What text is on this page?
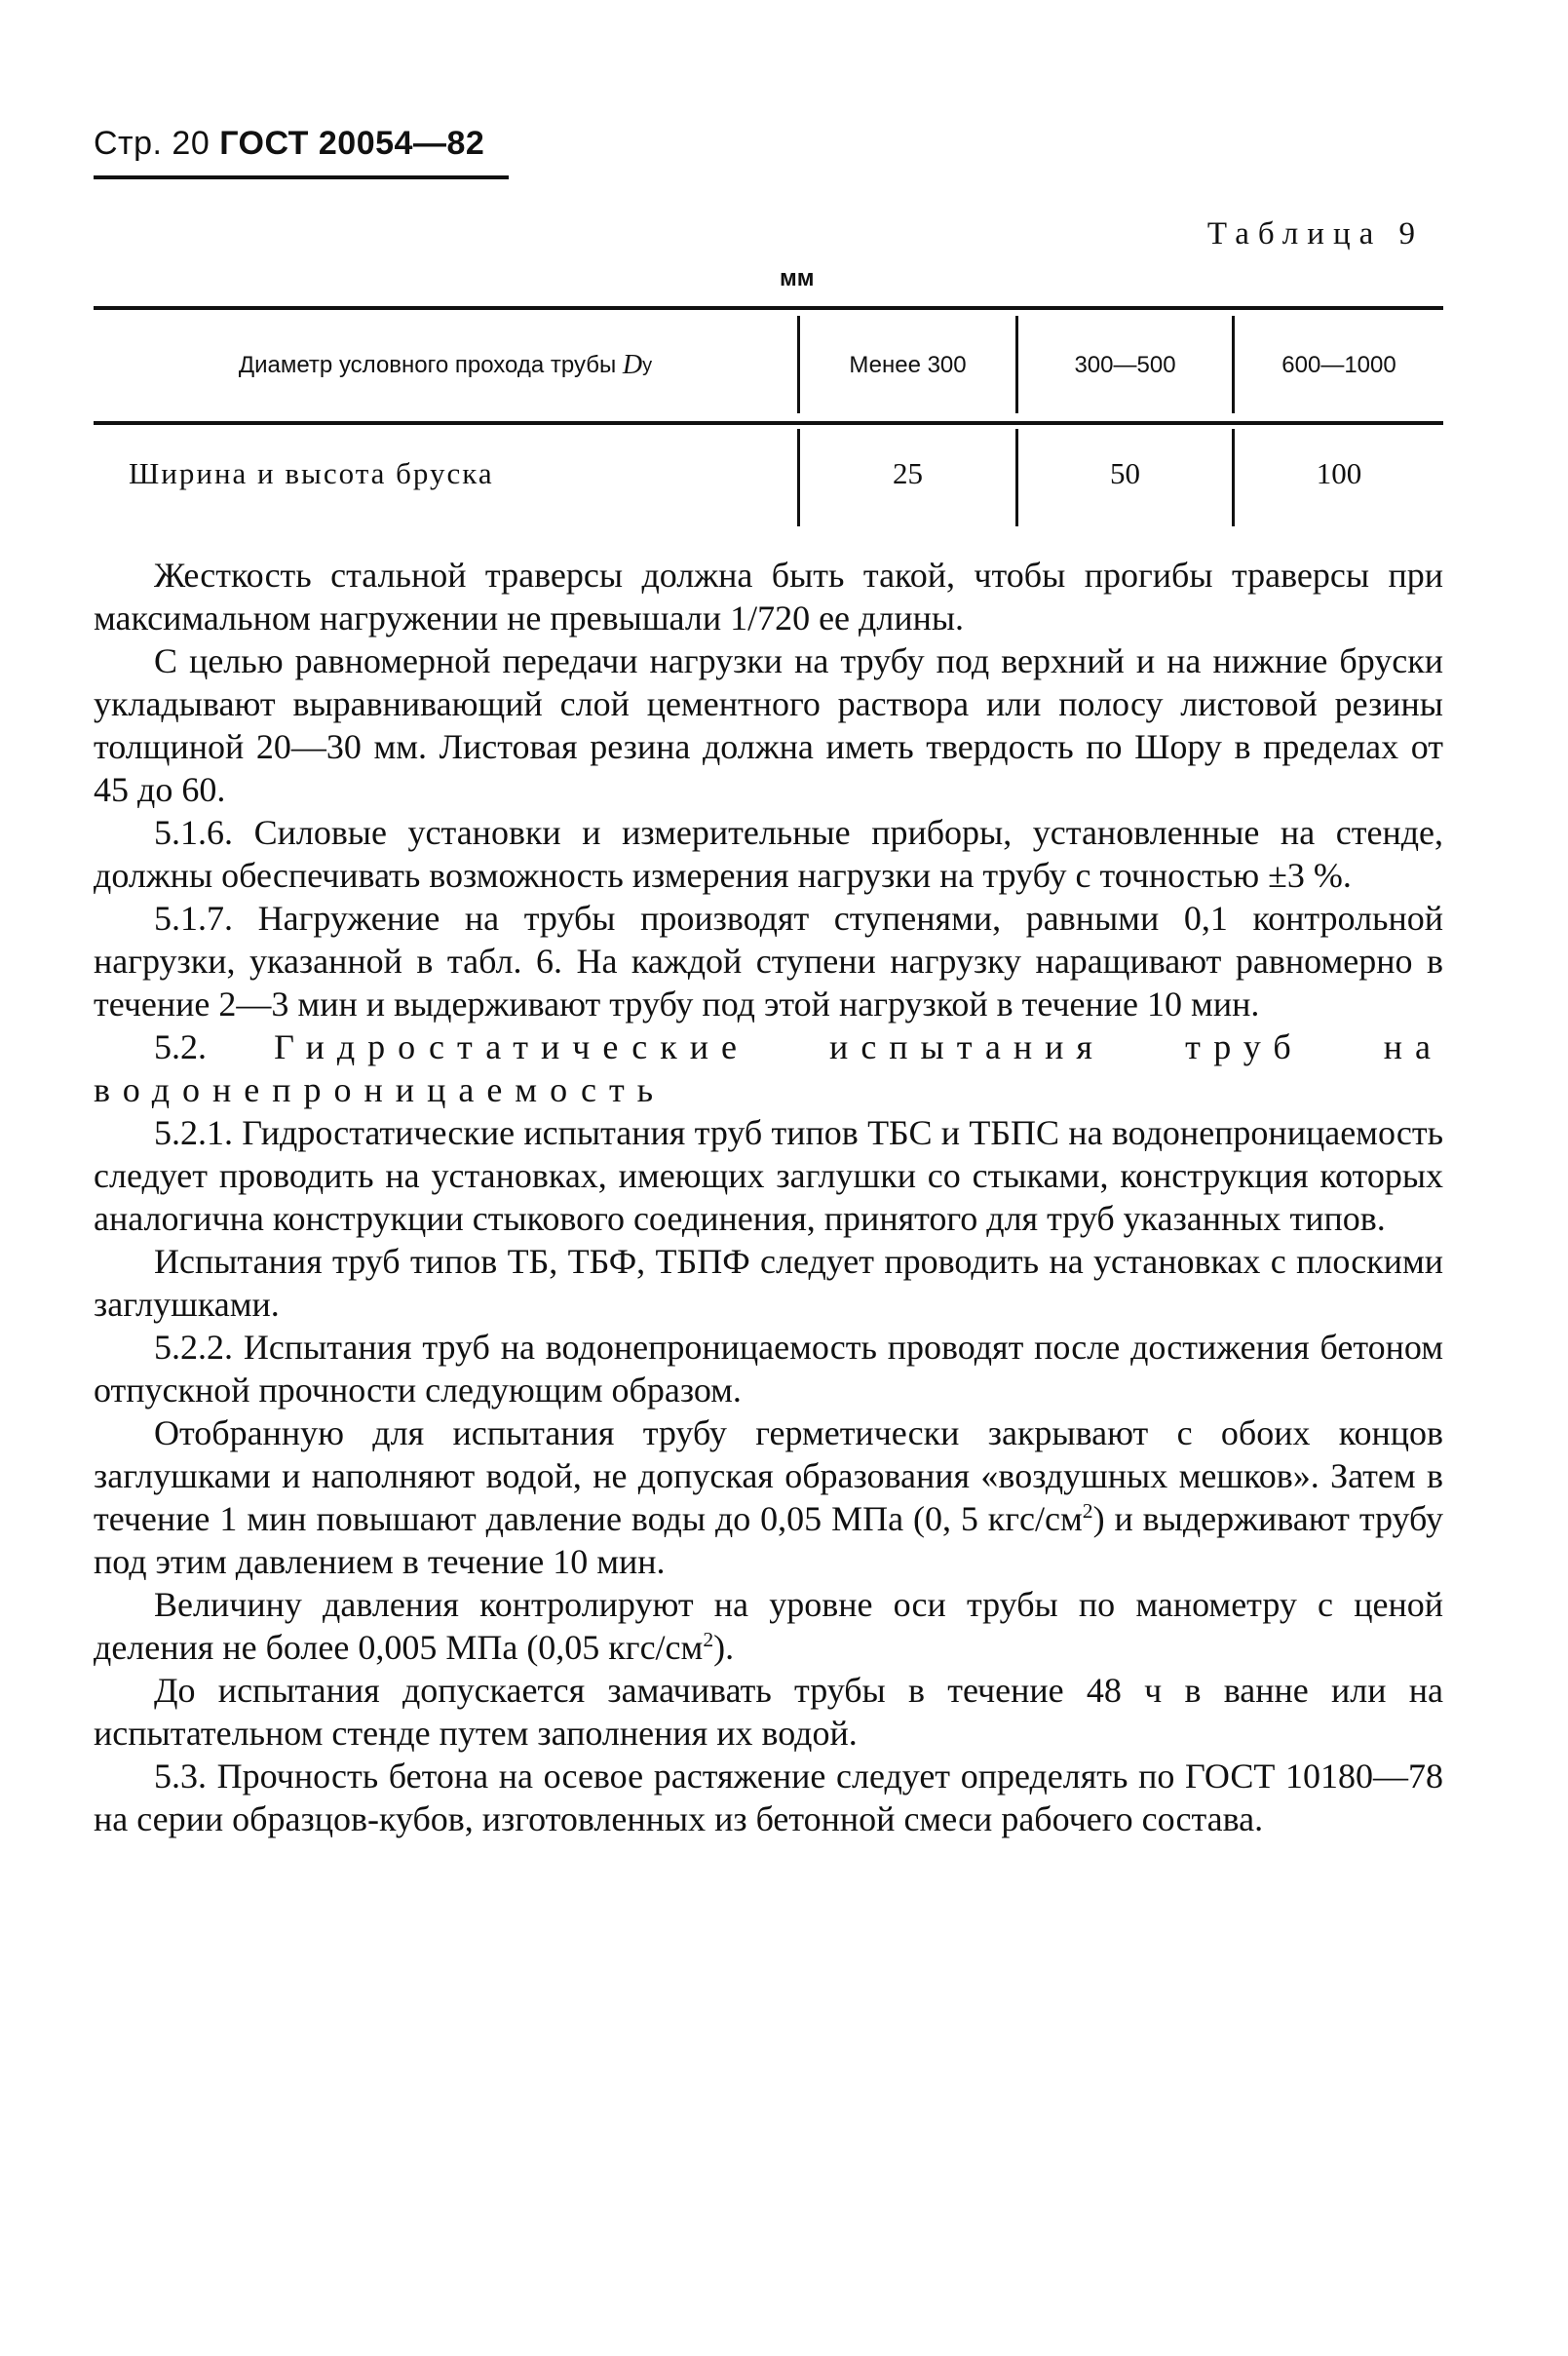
Стр. 20 ГОСТ 20054—82
Таблица 9
мм
Диаметр условного прохода трубы
D у	Менее 300	300—500	600—1000
Ширина и высота бруска	25	50	100

Жесткость стальной траверсы должна быть такой, чтобы прогибы траверсы при максимальном нагружении не превышали 1/720 ее длины.

С целью равномерной передачи нагрузки на трубу под верхний и на нижние бруски укладывают выравнивающий слой цементного раствора или полосу листовой резины толщиной 20—30 мм. Листовая резина должна иметь твердость по Шору в пределах от 45 до 60.

5.1.6. Силовые установки и измерительные приборы, установленные на стенде, должны обеспечивать возможность измерения нагрузки на трубу с точностью ±3 %.

5.1.7. Нагружение на трубы производят ступенями, равными 0,1 контрольной нагрузки, указанной в табл. 6. На каждой ступени нагрузку наращивают равномерно в течение 2—3 мин и выдерживают трубу под этой нагрузкой в течение 10 мин.

5.2. Гидростатические испытания труб на водонепроницаемость

5.2.1. Гидростатические испытания труб типов ТБС и ТБПС на водонепроницаемость следует проводить на установках, имеющих заглушки со стыками, конструкция которых аналогична конструкции стыкового соединения, принятого для труб указанных типов.

Испытания труб типов ТБ, ТБФ, ТБПФ следует проводить на установках с плоскими заглушками.

5.2.2. Испытания труб на водонепроницаемость проводят после достижения бетоном отпускной прочности следующим образом.

Отобранную для испытания трубу герметически закрывают с обоих концов заглушками и наполняют водой, не допуская образования «воздушных мешков». Затем в течение 1 мин повышают давление воды до 0,05 МПа (0, 5 кгс/$см^2$) и выдерживают трубу под этим давлением в течение 10 мин.

Величину давления контролируют на уровне оси трубы по манометру с ценой деления не более 0,005 МПа (0,05 кгс/$см^2$).

До испытания допускается замачивать трубы в течение 48 ч в ванне или на испытательном стенде путем заполнения их водой.

5.3. Прочность бетона на осевое растяжение следует определять по ГОСТ 10180—78 на серии образцов-кубов, изготовленных из бетонной смеси рабочего состава.
